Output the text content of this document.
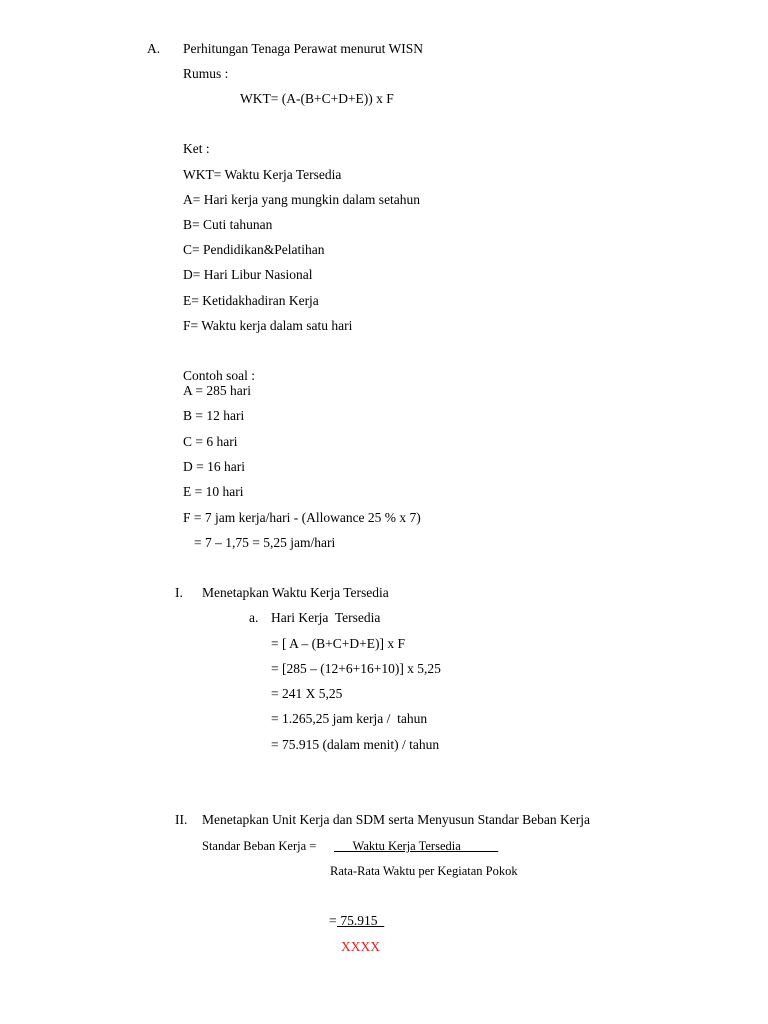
A. Perhitungan Tenaga Perawat menurut WISN
Rumus :
WKT= (A-(B+C+D+E)) x F
Ket :
WKT= Waktu Kerja Tersedia
A= Hari kerja yang mungkin dalam setahun
B= Cuti tahunan
C= Pendidikan&Pelatihan
D= Hari Libur Nasional
E= Ketidakhadiran Kerja
F= Waktu kerja dalam satu hari
Contoh soal :
A = 285 hari
B = 12 hari
C = 6 hari
D = 16 hari
E = 10 hari
F = 7 jam kerja/hari - (Allowance 25 % x 7)
= 7 – 1,75 = 5,25 jam/hari
I. Menetapkan Waktu Kerja Tersedia
a. Hari Kerja  Tersedia
= [ A – (B+C+D+E)] x F
= [285 – (12+6+16+10)] x 5,25
= 241 X 5,25
= 1.265,25 jam kerja /  tahun
= 75.915 (dalam menit) / tahun
II. Menetapkan Unit Kerja dan SDM serta Menyusun Standar Beban Kerja
Standar Beban Kerja = Waktu Kerja Tersedia
Rata-Rata Waktu per Kegiatan Pokok
= 75.915
XXXX
